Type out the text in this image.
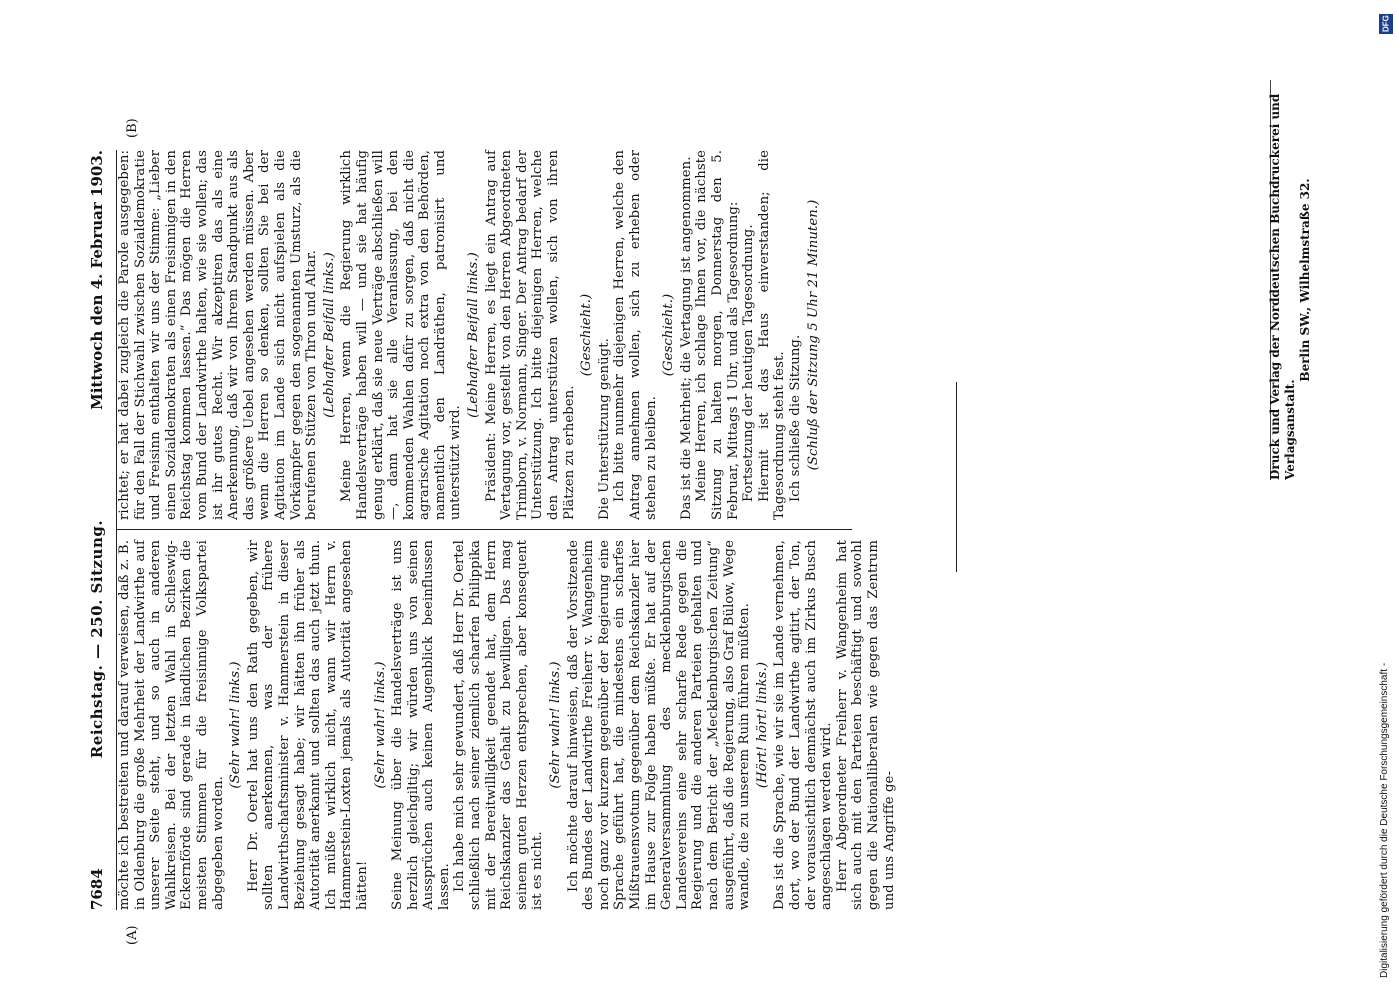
7684
Reichstag. — 250. Sitzung.
Mittwoch den 4. Februar 1903.
(A)
(B)

möchte ich bestreiten und darauf verweisen, daß z. B. in Oldenburg die große Mehrheit der Landwirthe auf unserer Seite steht, und so auch in anderen Wahlkreisen. Bei der letzten Wahl in Schleswig-Eckernförde sind gerade in ländlichen Bezirken die meisten Stimmen für die freisinnige Volkspartei abgegeben worden.

(Sehr wahr! links.) Herr Dr. Oertel hat uns den Rath gegeben, wir sollten anerkennen, was der frühere Landwirthschaftsminister v. Hammerstein in dieser Beziehung gesagt habe; wir hätten ihn früher als Autorität anerkannt und sollten das auch jetzt thun. Ich müßte wirklich nicht, wann wir Herrn v. Hammerstein-Loxten jemals als Autorität angesehen hätten!

(Sehr wahr! links.) Seine Meinung über die Handelsverträge ist uns herzlich gleichgiltig; wir würden uns von seinen Aussprüchen auch keinen Augenblick beeinflussen lassen. Ich habe mich sehr gewundert, daß Herr Dr. Oertel schließlich nach seiner ziemlich scharfen Philippika mit der Bereitwilligkeit geendet hat, dem Herrn Reichskanzler das Gehalt zu bewilligen. Das mag seinem guten Herzen entsprechen, aber konsequent ist es nicht.

(Sehr wahr! links.) Ich möchte darauf hinweisen, daß der Vorsitzende des Bundes der Landwirthe Freiherr v. Wangenheim noch ganz vor kurzem gegenüber der Regierung eine Sprache geführt hat, die mindestens ein scharfes Mißtrauensvotum gegenüber dem Reichskanzler hier im Hause zur Folge haben müßte. Er hat auf der Generalversammlung des mecklenburgischen Landesvereins eine sehr scharfe Rede gegen die Regierung und die anderen Parteien gehalten und nach dem Bericht der „Mecklenburgischen Zeitung“ ausgeführt, daß die Regierung, also Graf Bülow, Wege wandle, die zu unserem Ruin führen müßten. (Hört! hört! links.) Das ist die Sprache, wie wir sie im Lande vernehmen, dort, wo der Bund der Landwirthe agitirt, der Ton, der voraussichtlich demnächst auch im Zirkus Busch angeschlagen werden wird. Herr Abgeordneter Freiherr v. Wangenheim hat sich auch mit den Parteien beschäftigt und sowohl gegen die Nationalliberalen wie gegen das Zentrum und uns Angriffe ge-

richtet; er hat dabei zugleich die Parole ausgegeben: für den Fall der Stichwahl zwischen Sozialdemokratie und Freisinn enthalten wir uns der Stimme: „Lieber einen Sozialdemokraten als einen Freisinnigen in den Reichstag kommen lassen.“ Das mögen die Herren vom Bund der Landwirthe halten, wie sie wollen; das ist ihr gutes Recht. Wir akzeptiren das als eine Anerkennung, daß wir von Ihrem Standpunkt aus als das größere Uebel angesehen werden müssen. Aber wenn die Herren so denken, sollten Sie bei der Agitation im Lande sich nicht aufspielen als die Vorkämpfer gegen den sogenannten Umsturz, als die berufenen Stützen von Thron und Altar. (Lebhafter Beifall links.) Meine Herren, wenn die Regierung wirklich Handelsverträge haben will — und sie hat häufig genug erklärt, daß sie neue Verträge abschließen will —, dann hat sie alle Veranlassung, bei den kommenden Wahlen dafür zu sorgen, daß nicht die agrarische Agitation noch extra von den Behörden, namentlich den Landräthen, patronisirt und unterstützt wird.

(Lebhafter Beifall links.) Präsident: Meine Herren, es liegt ein Antrag auf Vertagung vor, gestellt von den Herren Abgeordneten Trimborn, v. Normann, Singer. Der Antrag bedarf der Unterstützung. Ich bitte diejenigen Herren, welche den Antrag unterstützen wollen, sich von ihren Plätzen zu erheben.

(Geschieht.)

Die Unterstützung genügt. Ich bitte nunmehr diejenigen Herren, welche den Antrag annehmen wollen, sich zu erheben oder stehen zu bleiben.

(Geschieht.) Das ist die Mehrheit; die Vertagung ist angenommen. Meine Herren, ich schlage Ihnen vor, die nächste Sitzung zu halten morgen, Donnerstag den 5. Februar, Mittags 1 Uhr, und als Tagesordnung: Fortsetzung der heutigen Tagesordnung. Hiermit ist das Haus einverstanden; die Tagesordnung steht fest. Ich schließe die Sitzung. (Schluß der Sitzung 5 Uhr 21 Minuten.)	Druck und Verlag der Norddeutschen Buchdruckerei und Verlagsanstalt.
Berlin SW., Wilhelmstraße 32.
DFG
Digitalisierung gefördert durch die Deutsche Forschungsgemeinschaft -
